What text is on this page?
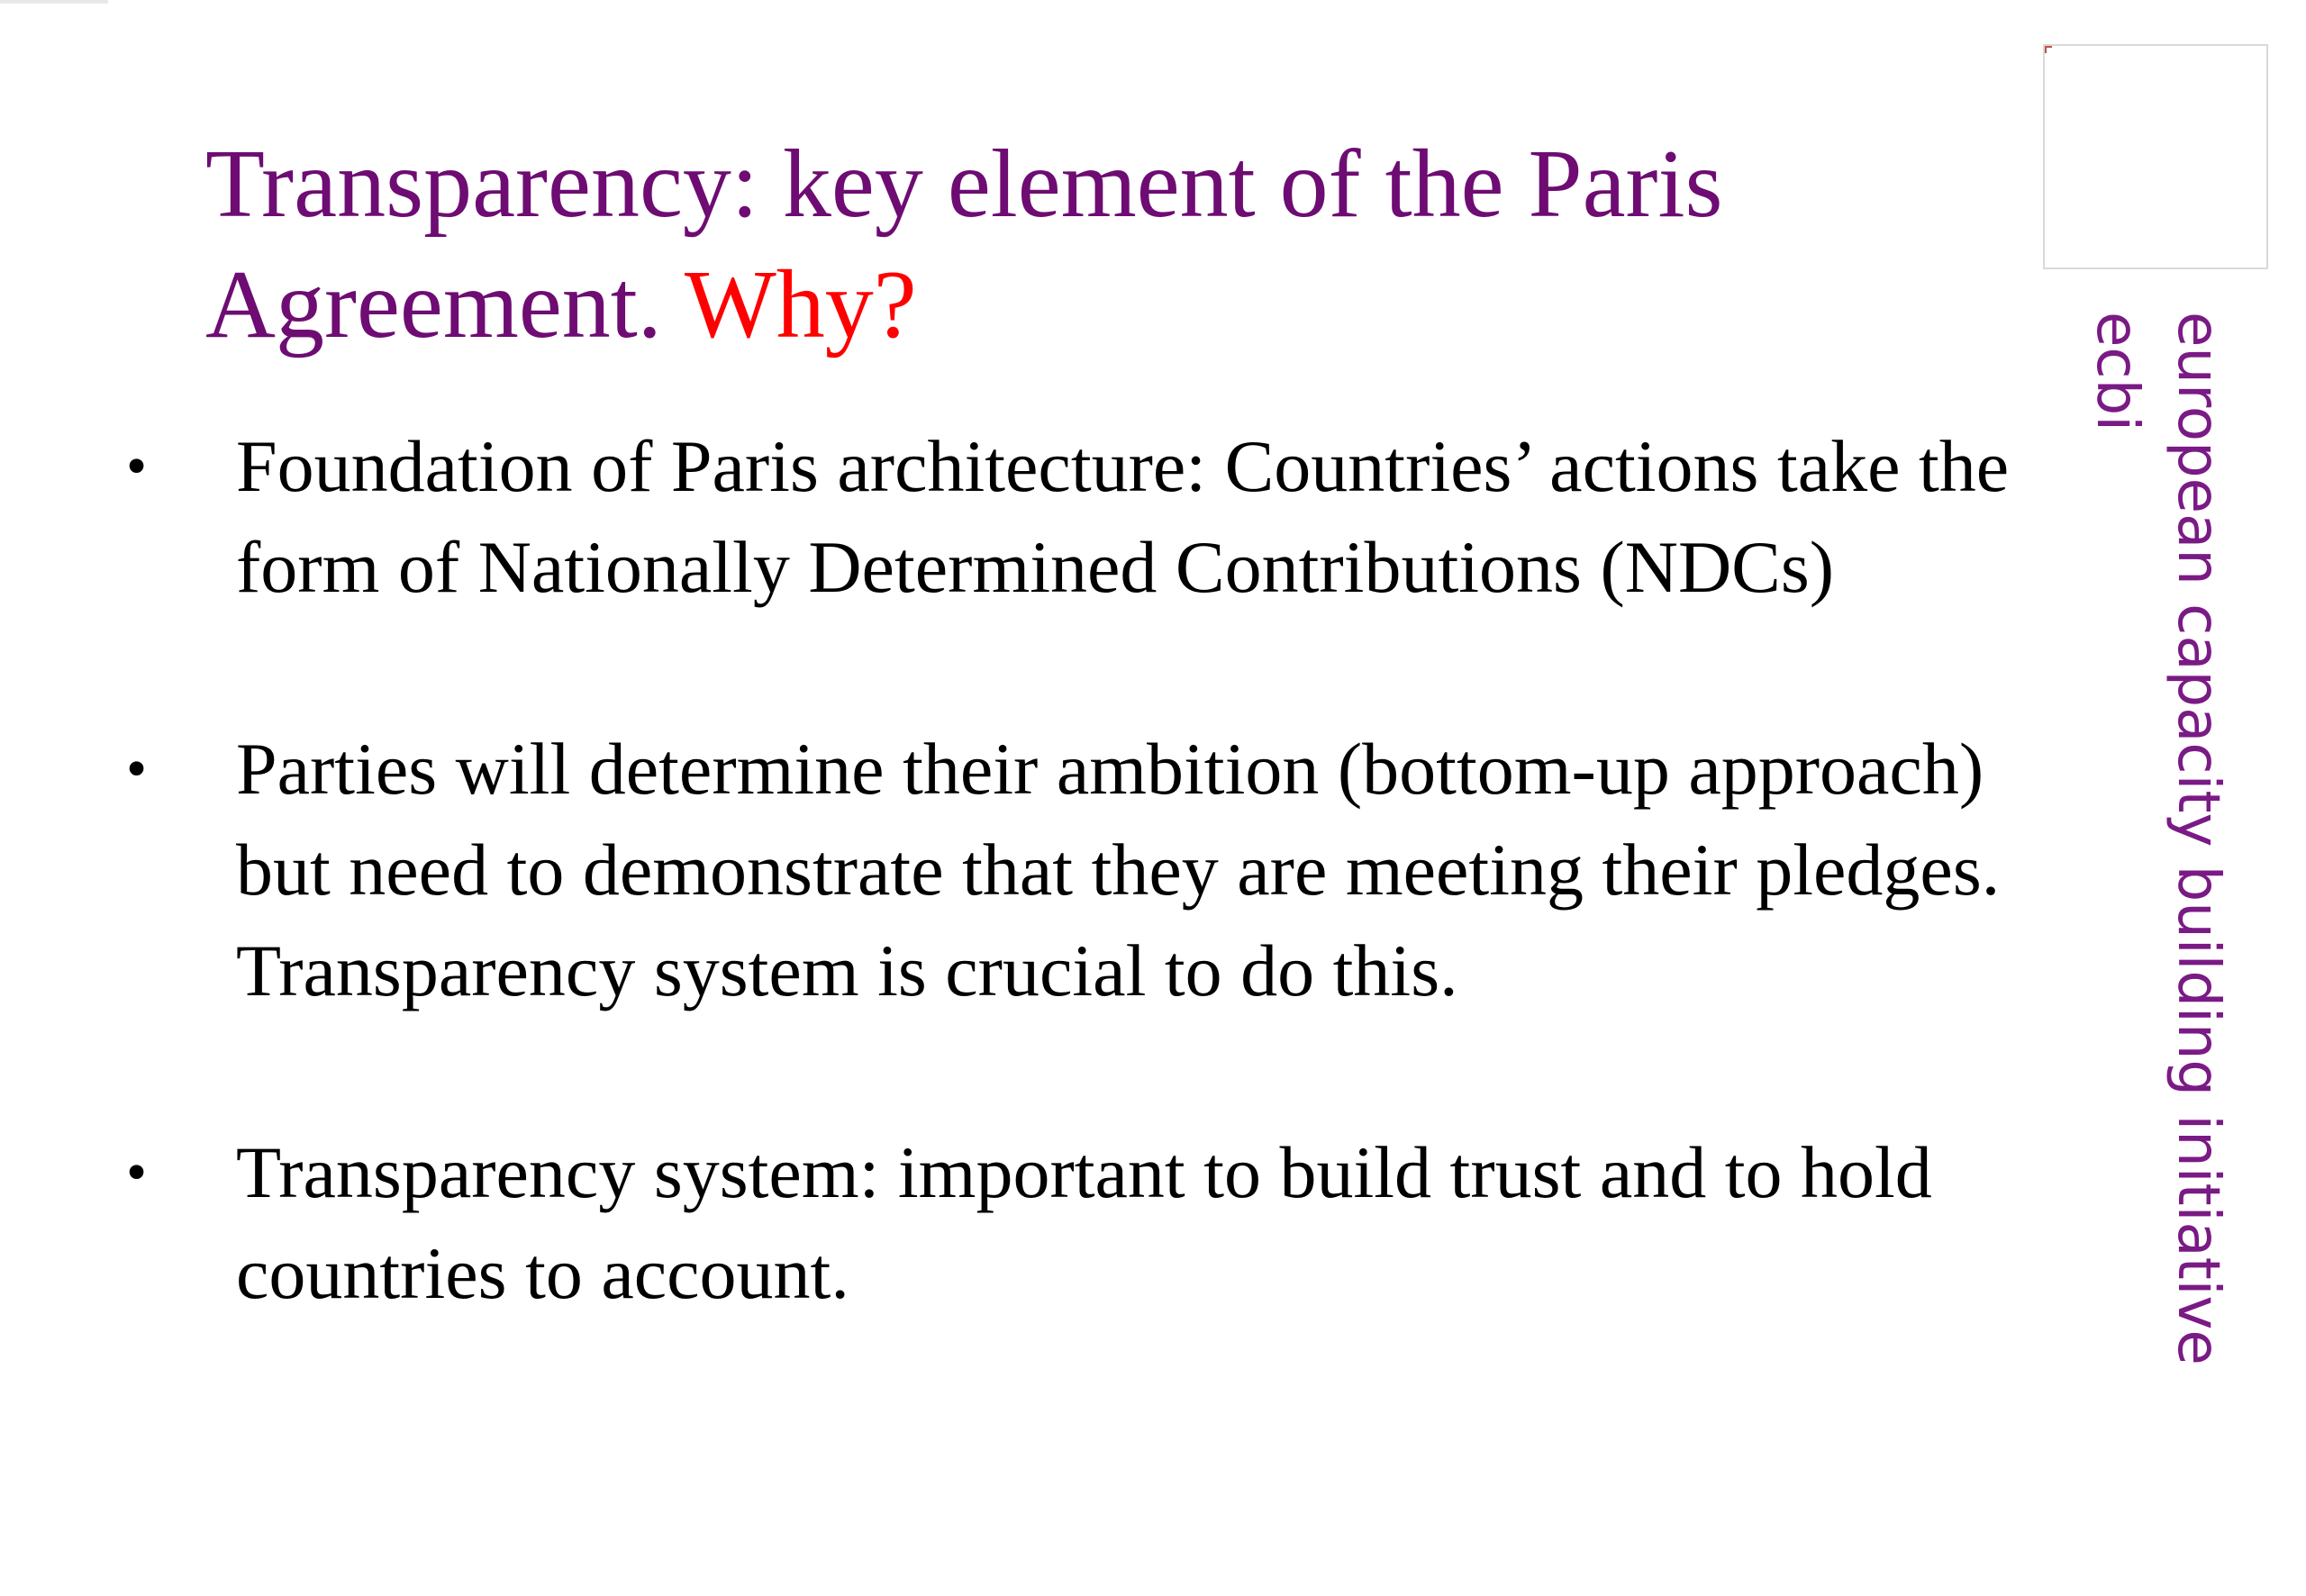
Transparency: key element of the Paris Agreement. Why?
• Foundation of Paris architecture: Countries’ actions take the form of Nationally Determined Contributions (NDCs)
• Parties will determine their ambition (bottom-up approach) but need to demonstrate that they are meeting their pledges. Transparency system is crucial to do this.
• Transparency system: important to build trust and to hold countries to account.	european capacity building initiative
ecbi
